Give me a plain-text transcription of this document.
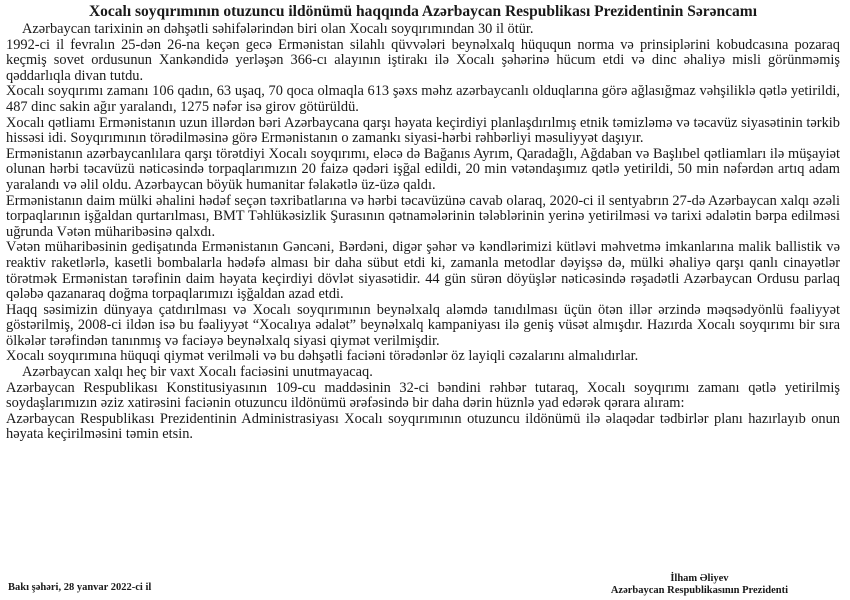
Xocalı soyqırımının otuzuncu ildönümü haqqında Azərbaycan Respublikası Prezidentinin Sərəncamı

Azərbaycan tarixinin ən dəhşətli səhifələrindən biri olan Xocalı soyqırımından 30 il ötür.

1992-ci il fevralın 25-dən 26-na keçən gecə Ermənistan silahlı qüvvələri beynəlxalq hüququn norma və prinsiplərini kobudcasına pozaraq keçmiş sovet ordusunun Xankəndidə yerləşən 366-cı alayının iştirakı ilə Xocalı şəhərinə hücum etdi və dinc əhaliyə misli görünməmiş qəddarlıqla divan tutdu.

Xocalı soyqırımı zamanı 106 qadın, 63 uşaq, 70 qoca olmaqla 613 şəxs məhz azərbaycanlı olduqlarına görə ağlasığmaz vəhşiliklə qətlə yetirildi, 487 dinc sakin ağır yaralandı, 1275 nəfər isə girov götürüldü.

Xocalı qətliamı Ermənistanın uzun illərdən bəri Azərbaycana qarşı həyata keçirdiyi planlaşdırılmış etnik təmizləmə və təcavüz siyasətinin tərkib hissəsi idi. Soyqırımının törədilməsinə görə Ermənistanın o zamankı siyasi-hərbi rəhbərliyi məsuliyyət daşıyır.

Ermənistanın azərbaycanlılara qarşı törətdiyi Xocalı soyqırımı, eləcə də Bağanıs Ayrım, Qaradağlı, Ağdaban və Başlıbel qətliamları ilə müşayiət olunan hərbi təcavüzü nəticəsində torpaqlarımızın 20 faizə qədəri işğal edildi, 20 min vətəndaşımız qətlə yetirildi, 50 min nəfərdən artıq adam yaralandı və əlil oldu. Azərbaycan böyük humanitar fəlakətlə üz-üzə qaldı.

Ermənistanın daim mülki əhalini hədəf seçən təxribatlarına və hərbi təcavüzünə cavab olaraq, 2020-ci il sentyabrın 27-də Azərbaycan xalqı əzəli torpaqlarının işğaldan qurtarılması, BMT Təhlükəsizlik Şurasının qətnamələrinin tələblərinin yerinə yetirilməsi və tarixi ədalətin bərpa edilməsi uğrunda Vətən müharibəsinə qalxdı.

Vətən müharibəsinin gedişatında Ermənistanın Gəncəni, Bərdəni, digər şəhər və kəndlərimizi kütləvi məhvetmə imkanlarına malik ballistik və reaktiv raketlərlə, kasetli bombalarla hədəfə alması bir daha sübut etdi ki, zamanla metodlar dəyişsə də, mülki əhaliyə qarşı qanlı cinayətlər törətmək Ermənistan tərəfinin daim həyata keçirdiyi dövlət siyasətidir. 44 gün sürən döyüşlər nəticəsində rəşadətli Azərbaycan Ordusu parlaq qələbə qazanaraq doğma torpaqlarımızı işğaldan azad etdi.

Haqq səsimizin dünyaya çatdırılması və Xocalı soyqırımının beynəlxalq aləmdə tanıdılması üçün ötən illər ərzində məqsədyönlü fəaliyyət göstərilmiş, 2008-ci ildən isə bu fəaliyyət “Xocalıya ədalət” beynəlxalq kampaniyası ilə geniş vüsət almışdır. Hazırda Xocalı soyqırımı bir sıra ölkələr tərəfindən tanınmış və faciəyə beynəlxalq siyasi qiymət verilmişdir.

Xocalı soyqırımına hüquqi qiymət verilməli və bu dəhşətli faciəni törədənlər öz layiqli cəzalarını almalıdırlar.

Azərbaycan xalqı heç bir vaxt Xocalı faciəsini unutmayacaq.

Azərbaycan Respublikası Konstitusiyasının 109-cu maddəsinin 32-ci bəndini rəhbər tutaraq, Xocalı soyqırımı zamanı qətlə yetirilmiş soydaşlarımızın əziz xatirəsini faciənin otuzuncu ildönümü ərəfəsində bir daha dərin hüznlə yad edərək qərara alıram:

Azərbaycan Respublikası Prezidentinin Administrasiyası Xocalı soyqırımının otuzuncu ildönümü ilə əlaqədar tədbirlər planı hazırlayıb onun həyata keçirilməsini təmin etsin.

Bakı şəhəri, 28 yanvar 2022-ci il
İlham Əliyev
Azərbaycan Respublikasının Prezidenti
